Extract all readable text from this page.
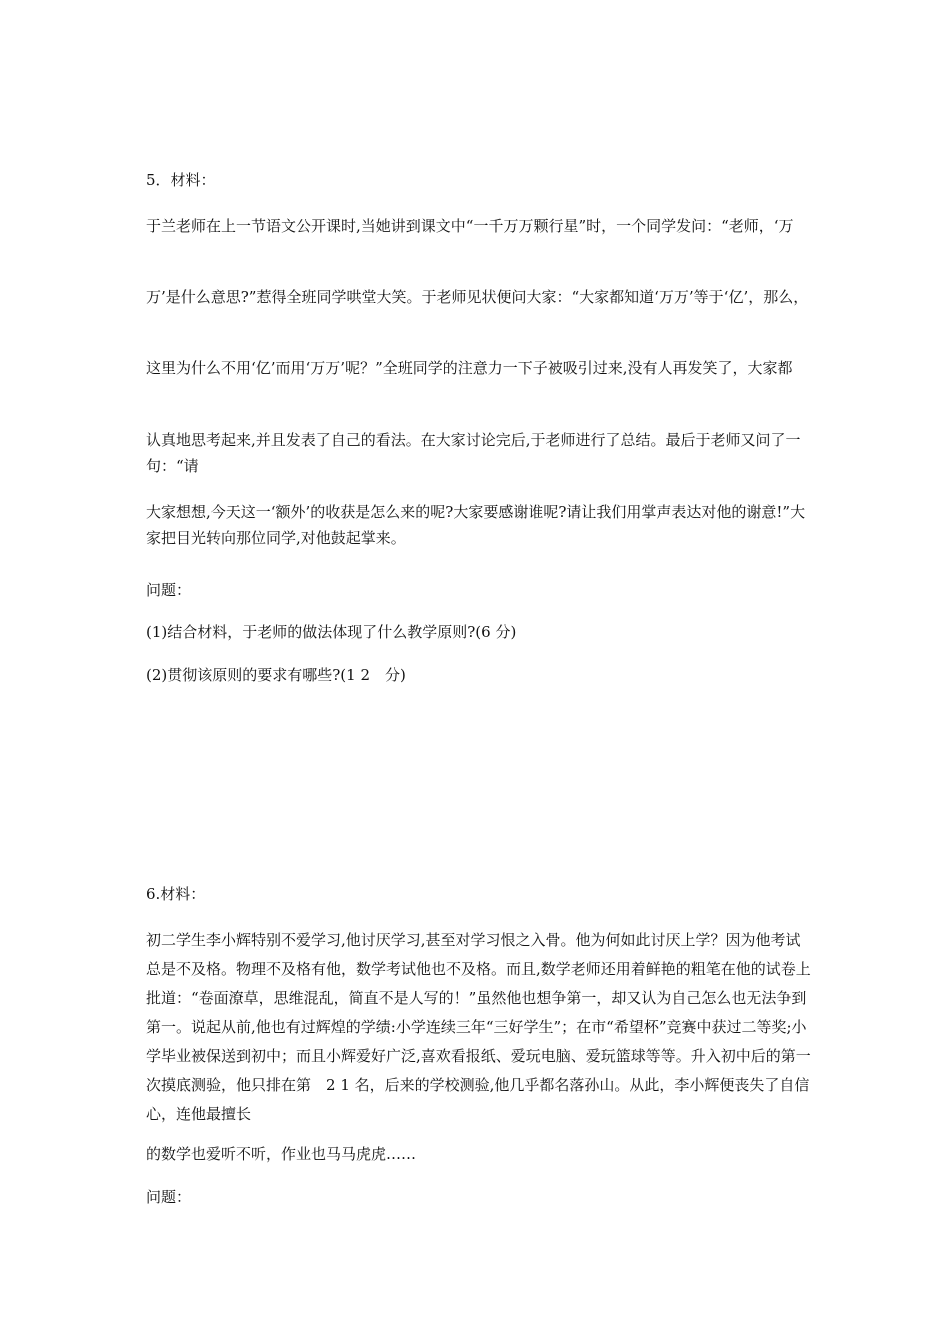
5．材料：

于兰老师在上一节语文公开课时,当她讲到课文中“一千万万颗行星”时，一个同学发问：“老师，‘万

万’是什么意思?”惹得全班同学哄堂大笑。于老师见状便问大家：“大家都知道‘万万’等于‘亿’，那么，

这里为什么不用‘亿’而用‘万万’呢？”全班同学的注意力一下子被吸引过来,没有人再发笑了，大家都

认真地思考起来,并且发表了自己的看法。在大家讨论完后,于老师进行了总结。最后于老师又问了一句：“请

大家想想,今天这一‘额外’的收获是怎么来的呢?大家要感谢谁呢?请让我们用掌声表达对他的谢意!”大家把目光转向那位同学,对他鼓起掌来。

问题：

(1)结合材料，于老师的做法体现了什么教学原则?(6 分)

(2)贯彻该原则的要求有哪些?(1 2　分)

6.材料：

初二学生李小辉特别不爱学习,他讨厌学习,甚至对学习恨之入骨。他为何如此讨厌上学？因为他考试总是不及格。物理不及格有他，数学考试他也不及格。而且,数学老师还用着鲜艳的粗笔在他的试卷上批道：“卷面潦草，思维混乱，简直不是人写的！”虽然他也想争第一，却又认为自己怎么也无法争到第一。说起从前,他也有过辉煌的学绩:小学连续三年“三好学生”；在市“希望杯”竞赛中获过二等奖;小学毕业被保送到初中；而且小辉爱好广泛,喜欢看报纸、爱玩电脑、爱玩篮球等等。升入初中后的第一次摸底测验，他只排在第　2 1 名，后来的学校测验,他几乎都名落孙山。从此，李小辉便丧失了自信心，连他最擅长

的数学也爱听不听，作业也马马虎虎……

问题：
